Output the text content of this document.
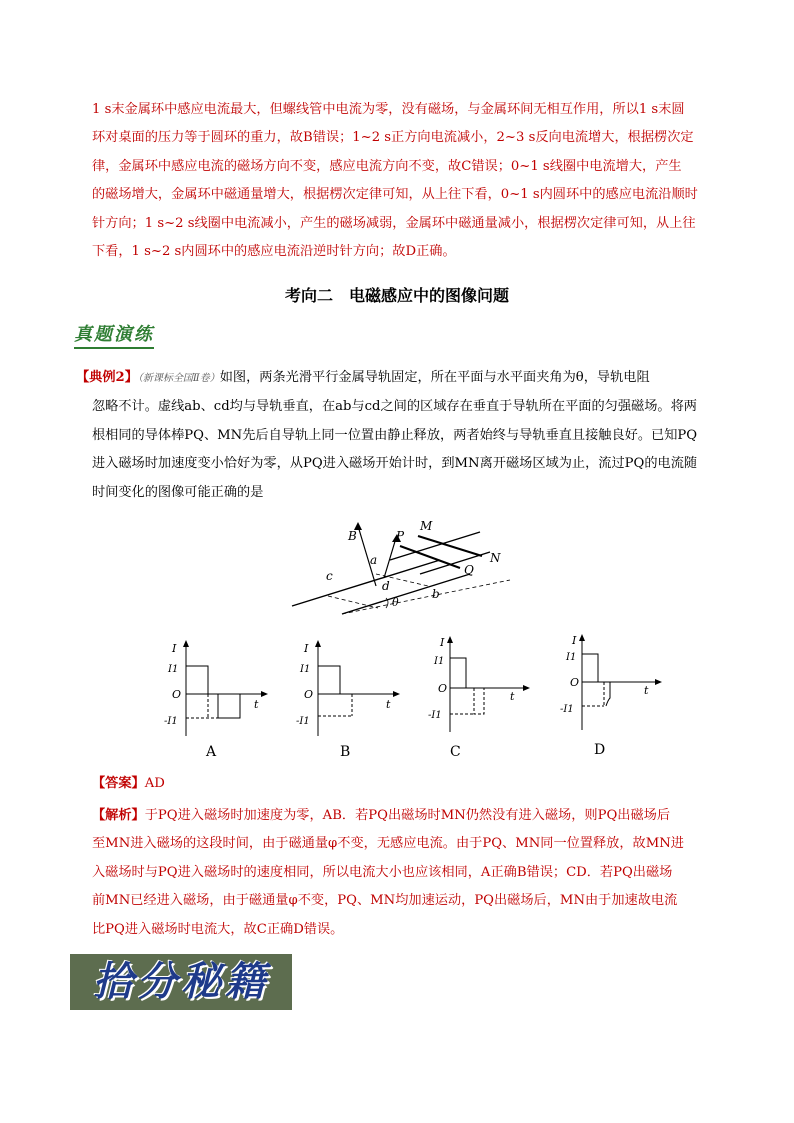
1 s末金属环中感应电流最大，但螺线管中电流为零，没有磁场，与金属环间无相互作用，所以1 s末圆

环对桌面的压力等于圆环的重力，故B错误；1~2 s正方向电流减小，2~3 s反向电流增大，根据楞次定

律，金属环中感应电流的磁场方向不变，感应电流方向不变，故C错误；0~1 s线圈中电流增大，产生

的磁场增大，金属环中磁通量增大，根据楞次定律可知，从上往下看，0~1 s内圆环中的感应电流沿顺时

针方向；1 s~2 s线圈中电流减小，产生的磁场减弱，金属环中磁通量减小，根据楞次定律可知，从上往

下看，1 s~2 s内圆环中的感应电流沿逆时针方向；故D正确。

考向二　电磁感应中的图像问题
真题演练
【典例2】（新课标全国Ⅱ卷）如图，两条光滑平行金属导轨固定，所在平面与水平面夹角为θ，导轨电阻
忽略不计。虚线ab、cd均与导轨垂直，在ab与cd之间的区域存在垂直于导轨所在平面的匀强磁场。将两
根相同的导体棒PQ、MN先后自导轨上同一位置由静止释放，两者始终与导轨垂直且接触良好。已知PQ
进入磁场时加速度变小恰好为零，从PQ进入磁场开始计时，到MN离开磁场区域为止，流过PQ的电流随
时间变化的图像可能正确的是
B
a
b
c
d
P
Q
M
N
θ
I
I1
O
-I1
t
A
I
I1
O
-I1
t
B
I
I1
O
-I1
t
C
I
I1
O
-I1
t
D
【答案】AD

【解析】于PQ进入磁场时加速度为零，AB．若PQ出磁场时MN仍然没有进入磁场，则PQ出磁场后

至MN进入磁场的这段时间，由于磁通量φ不变，无感应电流。由于PQ、MN同一位置释放，故MN进

入磁场时与PQ进入磁场时的速度相同，所以电流大小也应该相同，A正确B错误；CD．若PQ出磁场

前MN已经进入磁场，由于磁通量φ不变，PQ、MN均加速运动，PQ出磁场后，MN由于加速故电流

比PQ进入磁场时电流大，故C正确D错误。

拾分秘籍
